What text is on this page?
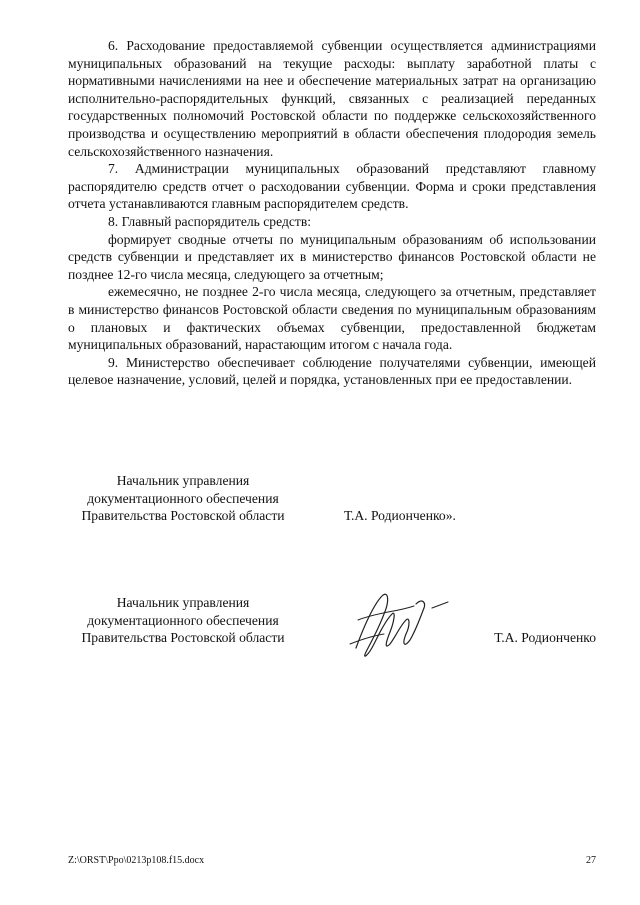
6. Расходование предоставляемой субвенции осуществляется администрациями муниципальных образований на текущие расходы: выплату заработной платы с нормативными начислениями на нее и обеспечение материальных затрат на организацию исполнительно-распорядительных функций, связанных с реализацией переданных государственных полномочий Ростовской области по поддержке сельскохозяйственного производства и осуществлению мероприятий в области обеспечения плодородия земель сельскохозяйственного назначения.

7. Администрации муниципальных образований представляют главному распорядителю средств отчет о расходовании субвенции. Форма и сроки представления отчета устанавливаются главным распорядителем средств.

8. Главный распорядитель средств:

формирует сводные отчеты по муниципальным образованиям об использовании средств субвенции и представляет их в министерство финансов Ростовской области не позднее 12-го числа месяца, следующего за отчетным;

ежемесячно, не позднее 2-го числа месяца, следующего за отчетным, представляет в министерство финансов Ростовской области сведения по муниципальным образованиям о плановых и фактических объемах субвенции, предоставленной бюджетам муниципальных образований, нарастающим итогом с начала года.

9. Министерство обеспечивает соблюдение получателями субвенции, имеющей целевое назначение, условий, целей и порядка, установленных при ее предоставлении.

Начальник управления
документационного обеспечения
Правительства Ростовской области	Т.А. Родионченко».
Начальник управления
документационного обеспечения
Правительства Ростовской области	Т.А. Родионченко
Z:\ORST\Ppo\0213p108.f15.docx	27
